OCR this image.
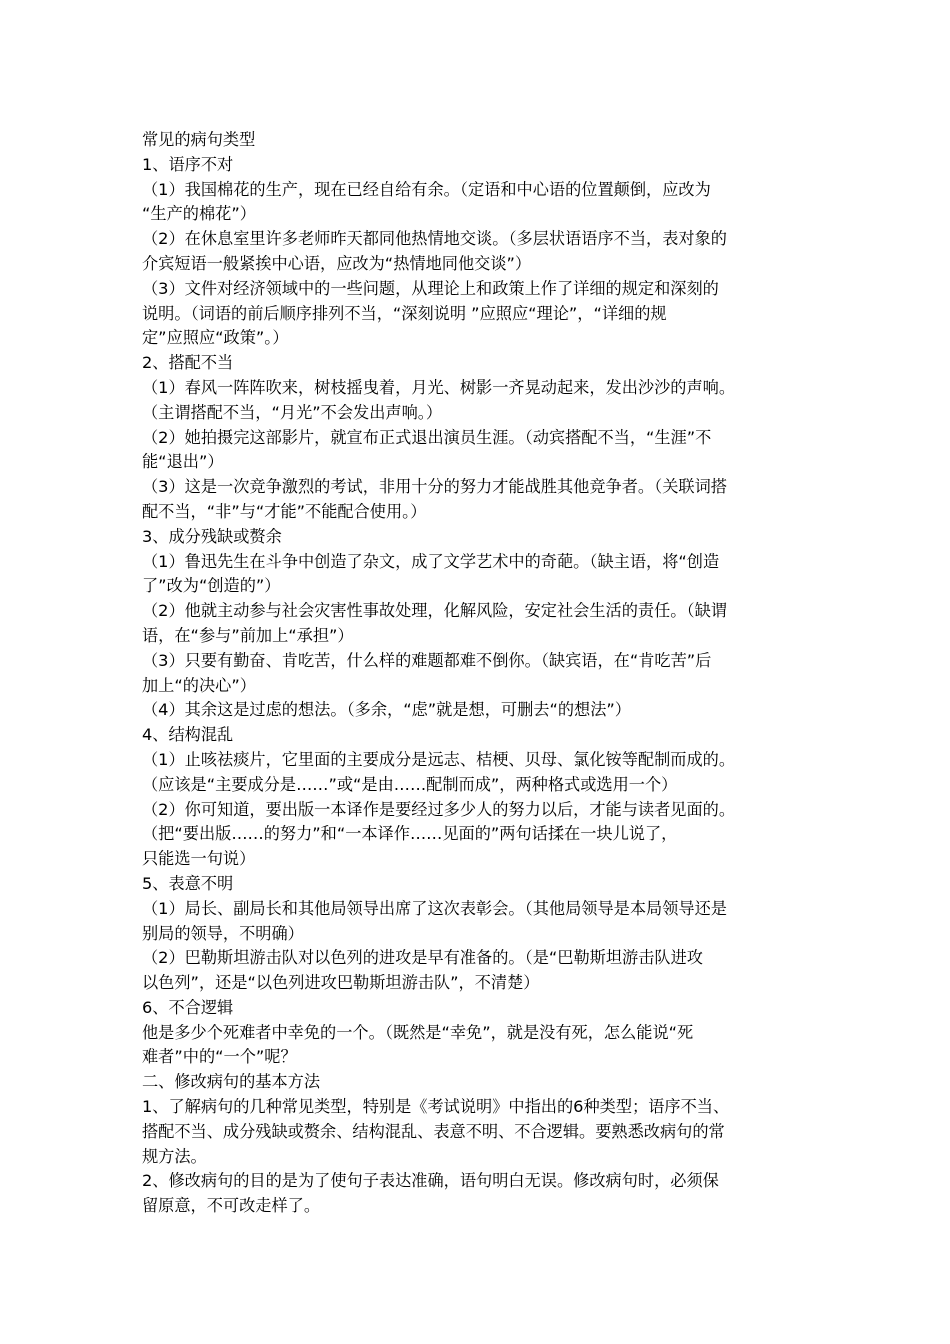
常见的病句类型
1、语序不对
（1）我国棉花的生产，现在已经自给有余。（定语和中心语的位置颠倒，应改为
“生产的棉花”）
（2）在休息室里许多老师昨天都同他热情地交谈。（多层状语语序不当，表对象的
介宾短语一般紧挨中心语，应改为“热情地同他交谈”）
（3）文件对经济领域中的一些问题，从理论上和政策上作了详细的规定和深刻的
说明。（词语的前后顺序排列不当，“深刻说明 ”应照应“理论”，“详细的规
定”应照应“政策”。）
2、搭配不当
（1）春风一阵阵吹来，树枝摇曳着，月光、树影一齐晃动起来，发出沙沙的声响。
（主谓搭配不当，“月光”不会发出声响。）
（2）她拍摄完这部影片，就宣布正式退出演员生涯。（动宾搭配不当，“生涯”不
能“退出”）
（3）这是一次竞争激烈的考试，非用十分的努力才能战胜其他竞争者。（关联词搭
配不当，“非”与“才能”不能配合使用。）
3、成分残缺或赘余
（1）鲁迅先生在斗争中创造了杂文，成了文学艺术中的奇葩。（缺主语，将“创造
了”改为“创造的”）
（2）他就主动参与社会灾害性事故处理，化解风险，安定社会生活的责任。（缺谓
语，在“参与”前加上“承担”）
（3）只要有勤奋、肯吃苦，什么样的难题都难不倒你。（缺宾语，在“肯吃苦”后
加上“的决心”）
（4）其余这是过虑的想法。（多余，“虑”就是想，可删去“的想法”）
4、结构混乱
（1）止咳祛痰片，它里面的主要成分是远志、桔梗、贝母、氯化铵等配制而成的。
（应该是“主要成分是……”或“是由……配制而成”，两种格式或选用一个）
（2）你可知道，要出版一本译作是要经过多少人的努力以后，才能与读者见面的。
（把“要出版……的努力”和“一本译作……见面的”两句话揉在一块儿说了，
只能选一句说）
5、表意不明
（1）局长、副局长和其他局领导出席了这次表彰会。（其他局领导是本局领导还是
别局的领导，不明确）
（2）巴勒斯坦游击队对以色列的进攻是早有准备的。（是“巴勒斯坦游击队进攻
以色列”，还是“以色列进攻巴勒斯坦游击队”，不清楚）
6、不合逻辑
他是多少个死难者中幸免的一个。（既然是“幸免”，就是没有死，怎么能说“死
难者”中的“一个”呢？
二、修改病句的基本方法
1、了解病句的几种常见类型，特别是《考试说明》中指出的6种类型；语序不当、
搭配不当、成分残缺或赘余、结构混乱、表意不明、不合逻辑。要熟悉改病句的常
规方法。
2、修改病句的目的是为了使句子表达准确，语句明白无误。修改病句时，必须保
留原意，不可改走样了。
